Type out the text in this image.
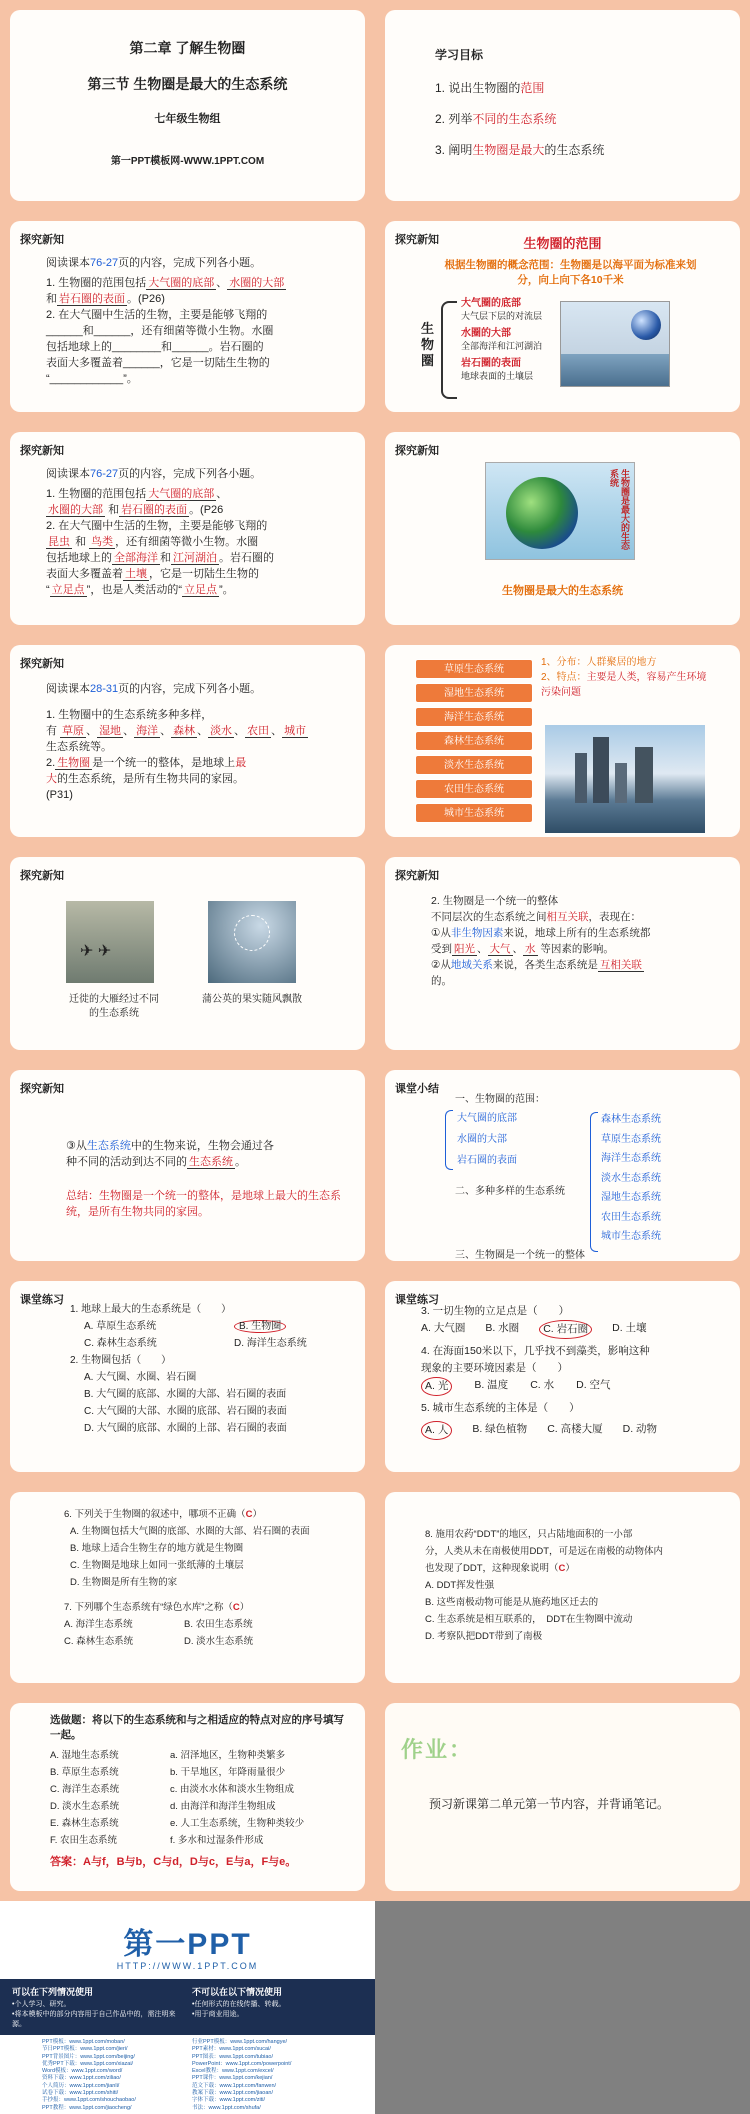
第二章 了解生物圈
第三节 生物圈是最大的生态系统
七年级生物组
第一PPT模板网-WWW.1PPT.COM
学习目标
1. 说出生物圈的范围
2. 列举不同的生态系统
3. 阐明生物圈是最大的生态系统
探究新知
阅读课本76-27页的内容，完成下列各小题。
1. 生物圈的范围包括 大气圈的底部 、 水圈的大部
和 岩石圈的表面 。(P26)
2. 在大气圈中生活的生物，主要是能够飞翔的
______和______，还有细菌等微小生物。水圈
包括地球上的________和______。岩石圈的
表面大多覆盖着______，它是一切陆生生物的
“____________”。
探究新知	生物圈的范围
根据生物圈的概念范围：生物圈是以海平面为标准来划分，向上向下各10千米
生物圈
大气圈的底部
大气层下层的对流层
水圈的大部
全部海洋和江河湖泊
岩石圈的表面
地球表面的土壤层
探究新知
阅读课本76-27页的内容，完成下列各小题。
1. 生物圈的范围包括 大气圈的底部 、
水圈的大部 和 岩石圈的表面 。(P26
2. 在大气圈中生活的生物，主要是能够飞翔的
昆虫 和 鸟类 ，还有细菌等微小生物。水圈
包括地球上的 全部海洋 和 江河湖泊 。岩石圈的
表面大多覆盖着 土壤 ，它是一切陆生生物的
“ 立足点 ”，也是人类活动的“ 立足点 ”。
探究新知
生物圈是最大的生态系统
生物圈是最大的生态系统
探究新知
阅读课本28-31页的内容，完成下列各小题。
1. 生物圈中的生态系统多种多样，
有 草原 、 湿地 、 海洋 、 森林 、 淡水 、 农田 、 城市
生态系统等。
2. 生物圈 是一个统一的整体，是地球上最
大的生态系统，是所有生物共同的家园。
(P31)
草原生态系统
湿地生态系统
海洋生态系统
森林生态系统
淡水生态系统
农田生态系统
城市生态系统
1、分布：人群聚居的地方
2、特点：主要是人类，容易产生环境污染问题
探究新知
✈ ✈
迁徙的大雁经过不同的生态系统
蒲公英的果实随风飘散
探究新知
2. 生物圈是一个统一的整体
不同层次的生态系统之间相互关联，表现在：
①从非生物因素来说，地球上所有的生态系统都
受到 阳光 、 大气 、 水 等因素的影响。
②从地域关系来说，各类生态系统是 互相关联
的。
探究新知
③从生态系统中的生物来说，生物会通过各
种不同的活动到达不同的 生态系统 。
总结：生物圈是一个统一的整体，是地球上最大的生态系统，是所有生物共同的家园。
课堂小结
一、生物圈的范围：
大气圈的底部
水圈的大部
岩石圈的表面
二、多种多样的生态系统
森林生态系统
草原生态系统
海洋生态系统
淡水生态系统
湿地生态系统
农田生态系统
城市生态系统
三、生物圈是一个统一的整体
课堂练习
1. 地球上最大的生态系统是（　　）
A. 草原生态系统	B. 生物圈
C. 森林生态系统	D. 海洋生态系统
2. 生物圈包括（　　）
A. 大气圈、水圈、岩石圈
B. 大气圈的底部、水圈的大部、岩石圈的表面
C. 大气圈的大部、水圈的底部、岩石圈的表面
D. 大气圈的底部、水圈的上部、岩石圈的表面
课堂练习
3. 一切生物的立足点是（　　）
A. 大气圈 B. 水圈	C. 岩石圈	D. 土壤
4. 在海面150米以下，几乎找不到藻类，影响这种
现象的主要环境因素是（　　）
A. 光	B. 温度 C. 水 D. 空气
5. 城市生态系统的主体是（　　）
A. 人	B. 绿色植物 C. 高楼大厦 D. 动物
6. 下列关于生物圈的叙述中，哪项不正确（C）
A. 生物圈包括大气圈的底部、水圈的大部、岩石圈的表面
B. 地球上适合生物生存的地方就是生物圈
C. 生物圈是地球上如同一张纸薄的土壤层
D. 生物圈是所有生物的家
7. 下列哪个生态系统有“绿色水库”之称（C）
A. 海洋生态系统	B. 农田生态系统
C. 森林生态系统	D. 淡水生态系统
8. 施用农药“DDT”的地区，只占陆地面积的一小部
分，人类从未在南极使用DDT，可是远在南极的动物体内
也发现了DDT，这种现象说明（C）
A. DDT挥发性强
B. 这些南极动物可能是从施药地区迁去的
C. 生态系统是相互联系的，　DDT在生物圈中流动
D. 考察队把DDT带到了南极
选做题：将以下的生态系统和与之相适应的特点对应的序号填写一起。
A. 湿地生态系统	a. 沼泽地区，生物种类繁多
B. 草原生态系统	b. 干旱地区，年降雨量很少
C. 海洋生态系统	c. 由淡水水体和淡水生物组成
D. 淡水生态系统	d. 由海洋和海洋生物组成
E. 森林生态系统	e. 人工生态系统，生物种类较少
F. 农田生态系统	f. 多水和过湿条件形成
答案：A与f，B与b，C与d，D与c，E与a，F与e。
作业：
预习新课第二单元第一节内容，并背诵笔记。
第一PPT
HTTP://WWW.1PPT.COM
可以在下列情况使用
•个人学习、研究。
•将本模板中的部分内容用于自己作品中的，需注明来源。
不可以在以下情况使用
•任何形式的在线传播、转载。
•用于商业用途。
PPT模板：www.1ppt.com/moban/
节日PPT模板：www.1ppt.com/jieri/
PPT背景图片：www.1ppt.com/beijing/
优秀PPT下载：www.1ppt.com/xiazai/
Word模板：www.1ppt.com/word/
资料下载：www.1ppt.com/ziliao/
个人简历：www.1ppt.com/jianli/
试卷下载：www.1ppt.com/shiti/
手抄报：www.1ppt.com/shouchaobao/
PPT教程：www.1ppt.com/jiaocheng/
行业PPT模板：www.1ppt.com/hangye/
PPT素材：www.1ppt.com/sucai/
PPT图表：www.1ppt.com/tubiao/
PowerPoint：www.1ppt.com/powerpoint/
Excel教程：www.1ppt.com/excel/
PPT课件：www.1ppt.com/kejian/
范文下载：www.1ppt.com/fanwen/
教案下载：www.1ppt.com/jiaoan/
字体下载：www.1ppt.com/ziti/
书法：www.1ppt.com/shufa/
